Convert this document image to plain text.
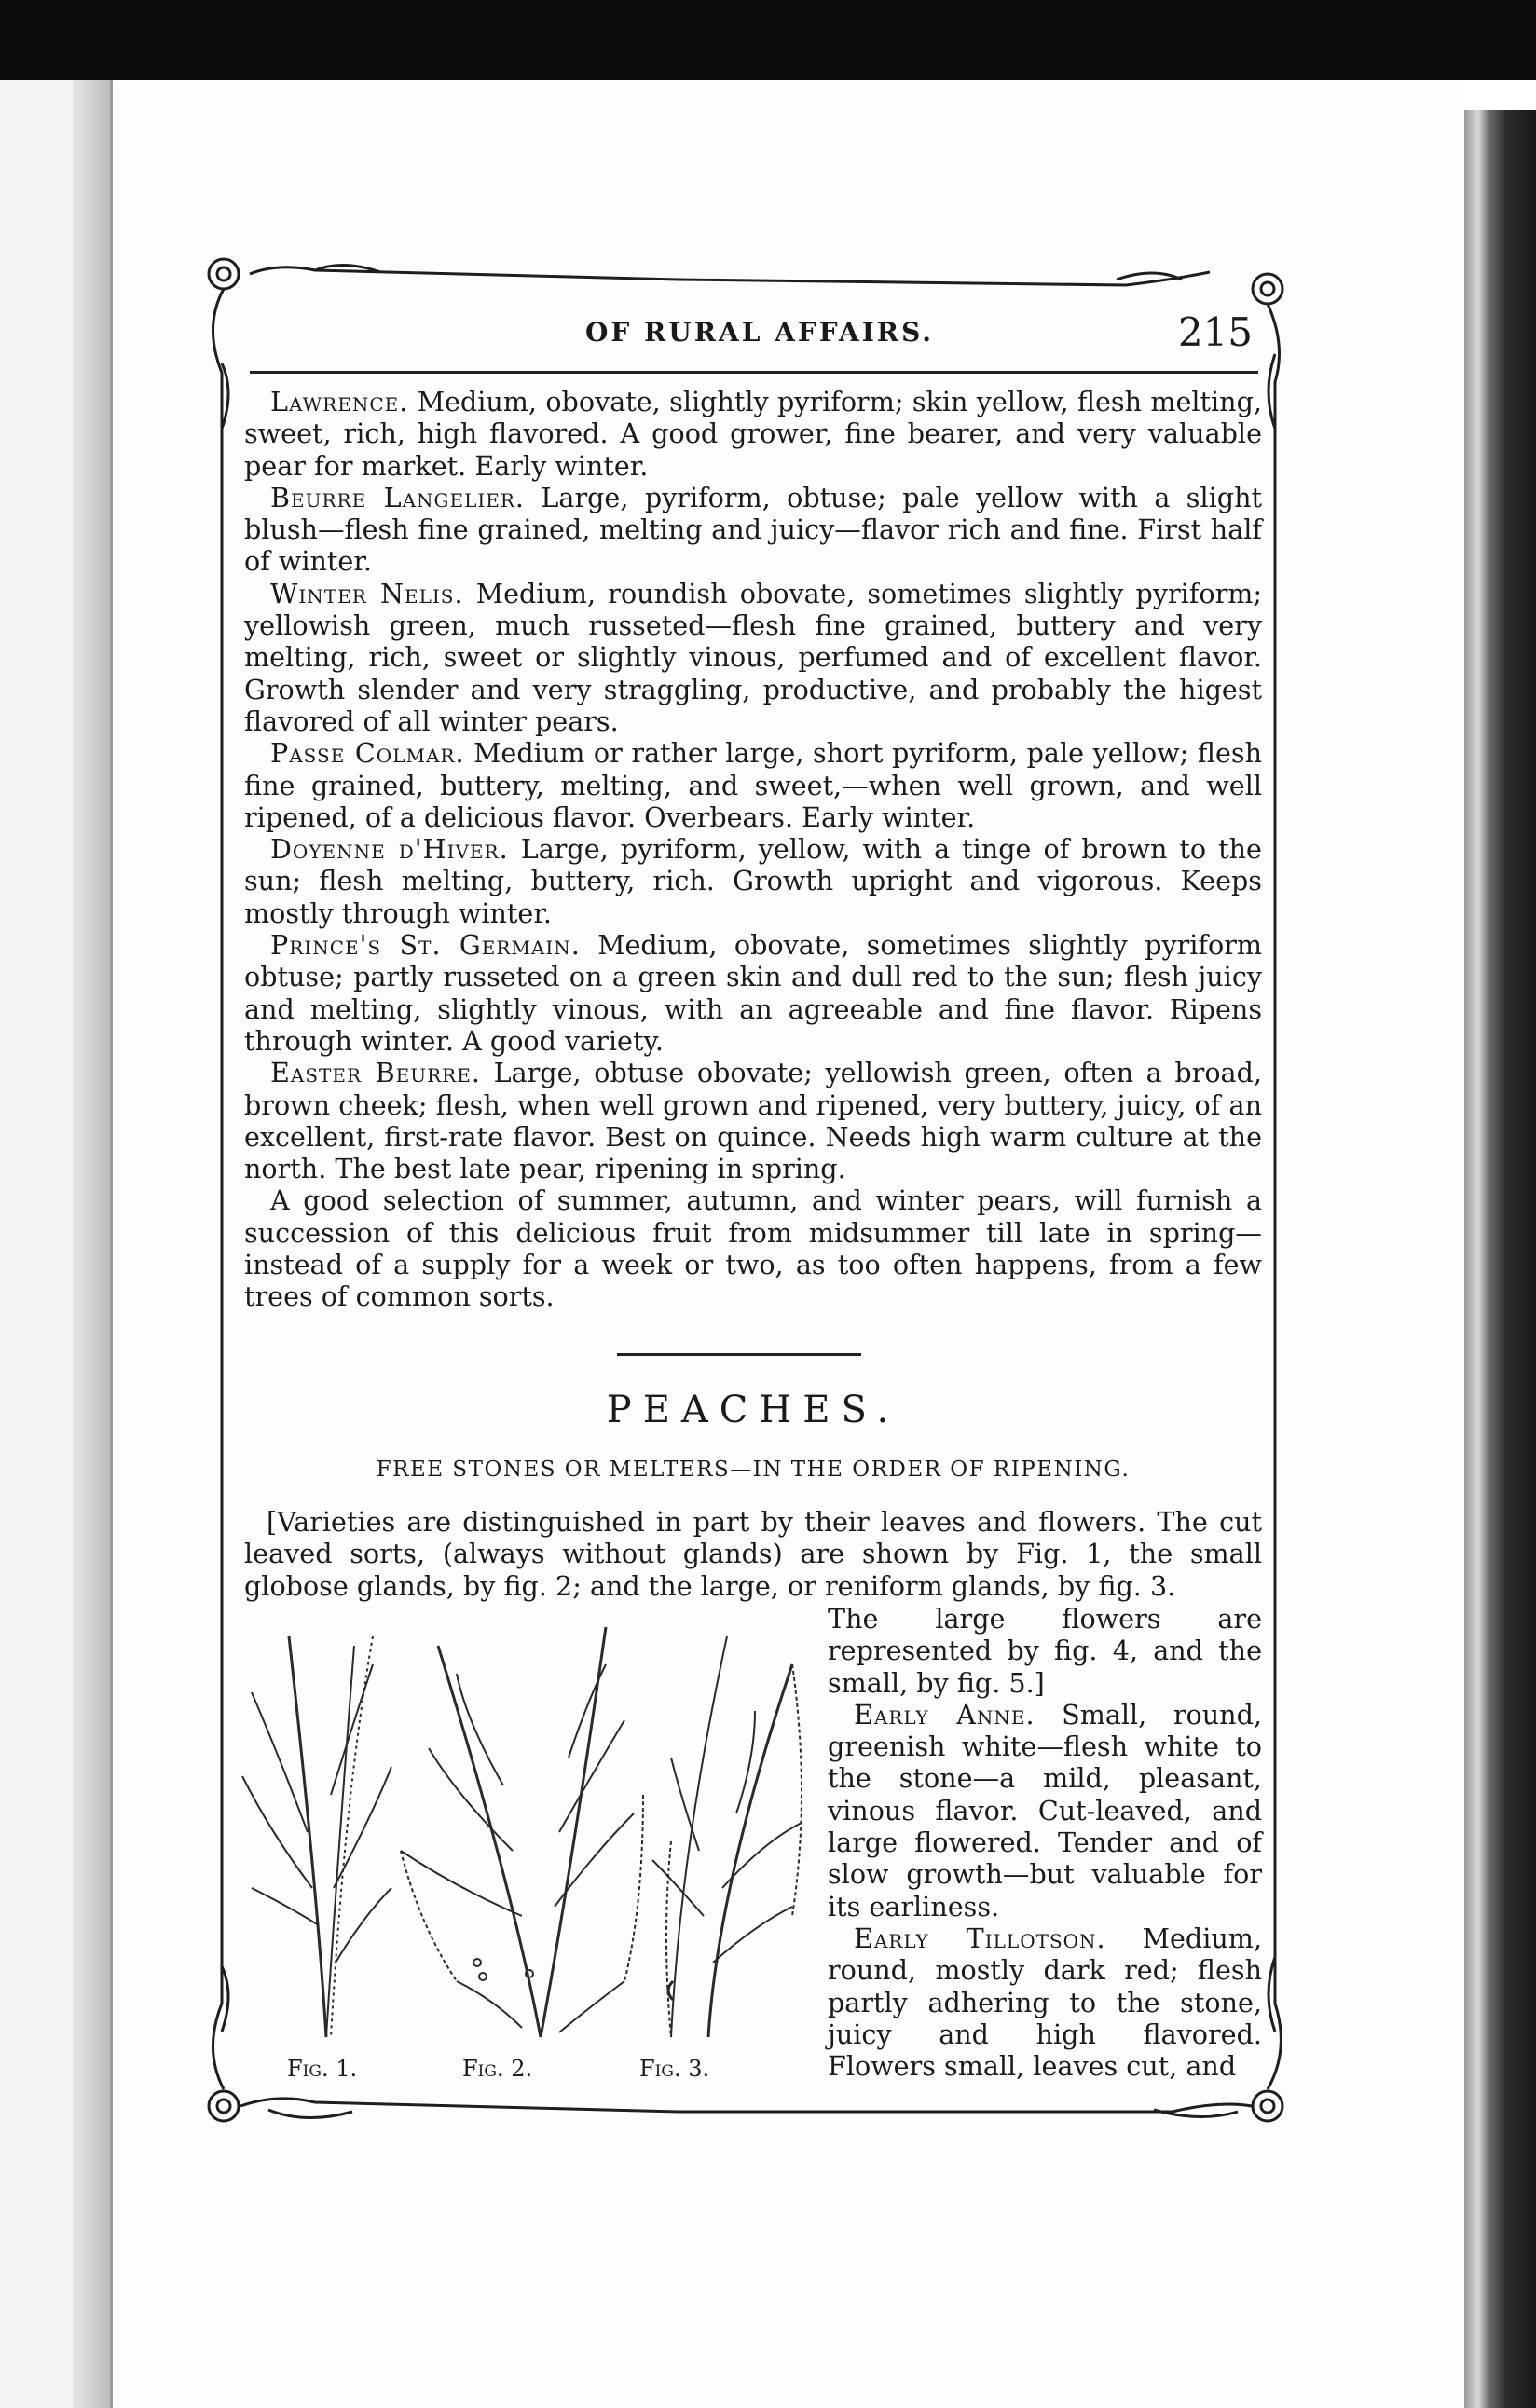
OF RURAL AFFAIRS.	215

Lawrence. Medium, obovate, slightly pyriform; skin yellow, flesh melting, sweet, rich, high flavored. A good grower, fine bearer, and very valuable pear for market. Early winter.

Beurre Langelier. Large, pyriform, obtuse; pale yellow with a slight blush—flesh fine grained, melting and juicy—flavor rich and fine. First half of winter.

Winter Nelis. Medium, roundish obovate, sometimes slightly pyriform; yellowish green, much russeted—flesh fine grained, buttery and very melting, rich, sweet or slightly vinous, perfumed and of excellent flavor. Growth slender and very straggling, productive, and probably the higest flavored of all winter pears.

Passe Colmar. Medium or rather large, short pyriform, pale yellow; flesh fine grained, buttery, melting, and sweet,—when well grown, and well ripened, of a delicious flavor. Overbears. Early winter.

Doyenne d'Hiver. Large, pyriform, yellow, with a tinge of brown to the sun; flesh melting, buttery, rich. Growth upright and vigorous. Keeps mostly through winter.

Prince's St. Germain. Medium, obovate, sometimes slightly pyriform obtuse; partly russeted on a green skin and dull red to the sun; flesh juicy and melting, slightly vinous, with an agreeable and fine flavor. Ripens through winter. A good variety.

Easter Beurre. Large, obtuse obovate; yellowish green, often a broad, brown cheek; flesh, when well grown and ripened, very buttery, juicy, of an excellent, first-rate flavor. Best on quince. Needs high warm culture at the north. The best late pear, ripening in spring.

A good selection of summer, autumn, and winter pears, will furnish a succession of this delicious fruit from midsummer till late in spring—instead of a supply for a week or two, as too often happens, from a few trees of common sorts.

PEACHES.
FREE STONES OR MELTERS—IN THE ORDER OF RIPENING.

[Varieties are distinguished in part by their leaves and flowers. The cut leaved sorts, (always without glands) are shown by Fig. 1, the small globose glands, by fig. 2; and the large, or reniform glands, by fig. 3.

The large flowers are represented by fig. 4, and the small, by fig. 5.]

Early Anne. Small, round, greenish white—flesh white to the stone—a mild, pleasant, vinous flavor. Cut-leaved, and large flowered. Tender and of slow growth—but valuable for its earliness.

Early Tillotson. Medium, round, mostly dark red; flesh partly adhering to the stone, juicy and high flavored. Flowers small, leaves cut, and

Fig. 1.	Fig. 2.	Fig. 3.
